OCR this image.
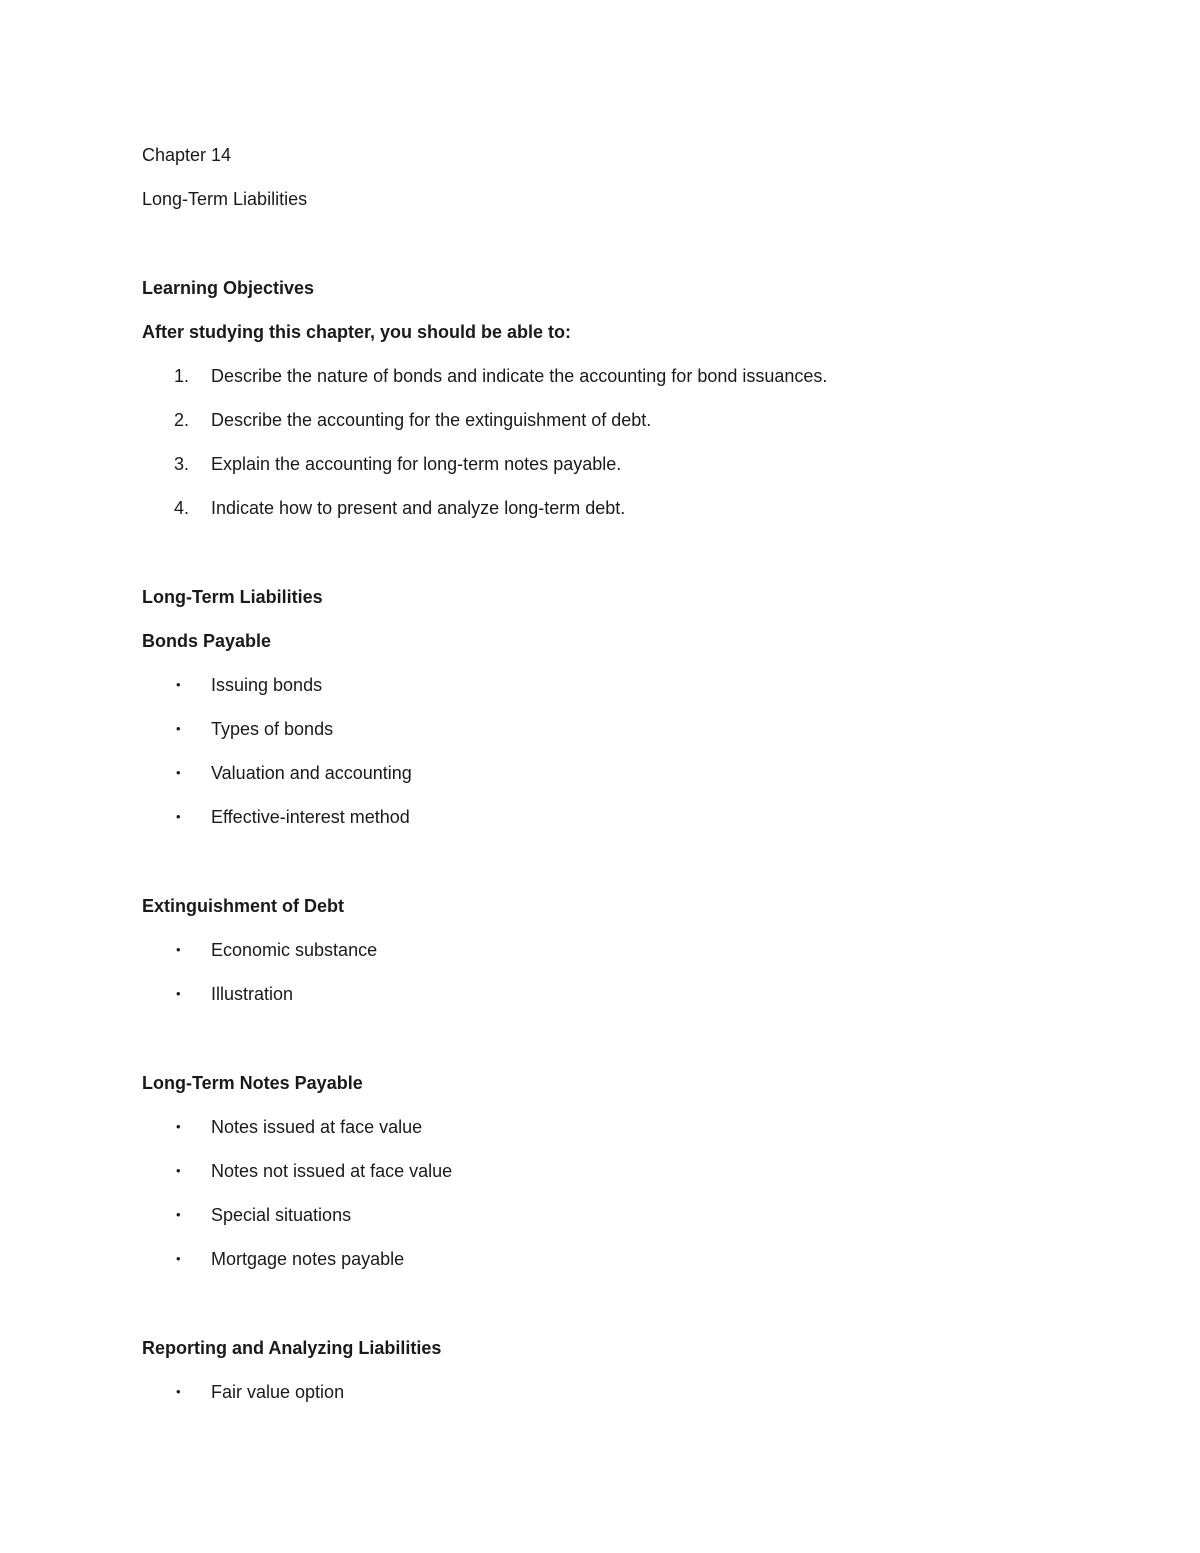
Chapter 14

Long-Term Liabilities

Learning Objectives

After studying this chapter, you should be able to:

1.	Describe the nature of bonds and indicate the accounting for bond issuances.
2.	Describe the accounting for the extinguishment of debt.
3.	Explain the accounting for long-term notes payable.
4.	Indicate how to present and analyze long-term debt.

Long-Term Liabilities

Bonds Payable

•	Issuing bonds
•	Types of bonds
•	Valuation and accounting
•	Effective-interest method

Extinguishment of Debt

•	Economic substance
•	Illustration

Long-Term Notes Payable

•	Notes issued at face value
•	Notes not issued at face value
•	Special situations
•	Mortgage notes payable

Reporting and Analyzing Liabilities

•	Fair value option
